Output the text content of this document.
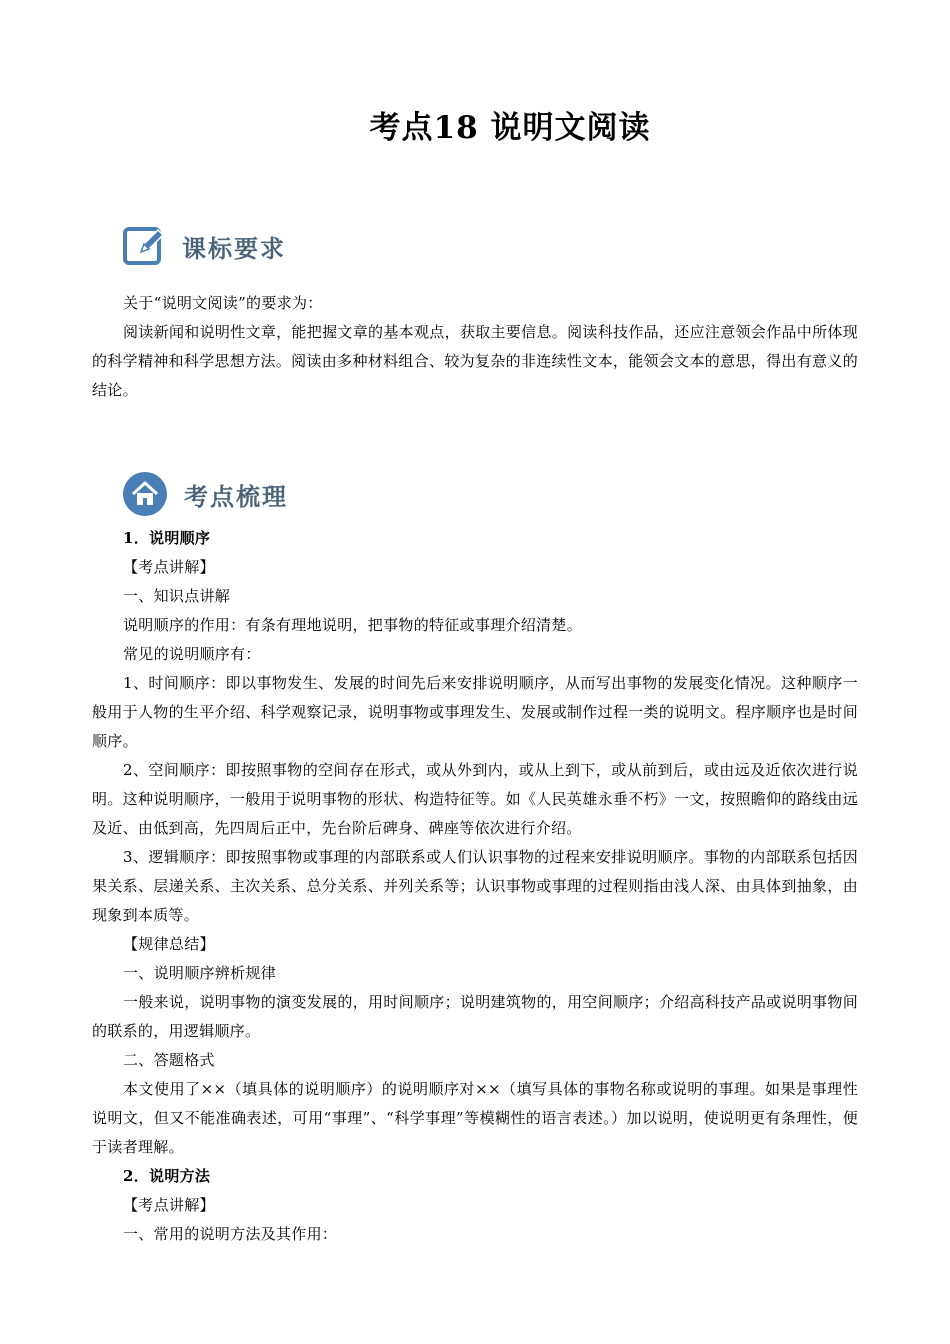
考点18 说明文阅读
课标要求

关于“说明文阅读”的要求为：

阅读新闻和说明性文章，能把握文章的基本观点，获取主要信息。阅读科技作品，还应注意领会作品中所体现的科学精神和科学思想方法。阅读由多种材料组合、较为复杂的非连续性文本，能领会文本的意思，得出有意义的结论。

考点梳理

1．说明顺序

【考点讲解】

一、知识点讲解

说明顺序的作用：有条有理地说明，把事物的特征或事理介绍清楚。

常见的说明顺序有：

1、时间顺序：即以事物发生、发展的时间先后来安排说明顺序，从而写出事物的发展变化情况。这种顺序一般用于人物的生平介绍、科学观察记录，说明事物或事理发生、发展或制作过程一类的说明文。程序顺序也是时间顺序。

2、空间顺序：即按照事物的空间存在形式，或从外到内，或从上到下，或从前到后，或由远及近依次进行说明。这种说明顺序，一般用于说明事物的形状、构造特征等。如《人民英雄永垂不朽》一文，按照瞻仰的路线由远及近、由低到高，先四周后正中，先台阶后碑身、碑座等依次进行介绍。

3、逻辑顺序：即按照事物或事理的内部联系或人们认识事物的过程来安排说明顺序。事物的内部联系包括因果关系、层递关系、主次关系、总分关系、并列关系等；认识事物或事理的过程则指由浅人深、由具体到抽象，由现象到本质等。

【规律总结】

一、说明顺序辨析规律

一般来说，说明事物的演变发展的，用时间顺序；说明建筑物的，用空间顺序；介绍高科技产品或说明事物间的联系的，用逻辑顺序。

二、答题格式

本文使用了××（填具体的说明顺序）的说明顺序对××（填写具体的事物名称或说明的事理。如果是事理性说明文，但又不能准确表述，可用“事理”、“科学事理”等模糊性的语言表述。）加以说明，使说明更有条理性，便于读者理解。

2．说明方法

【考点讲解】

一、常用的说明方法及其作用：
